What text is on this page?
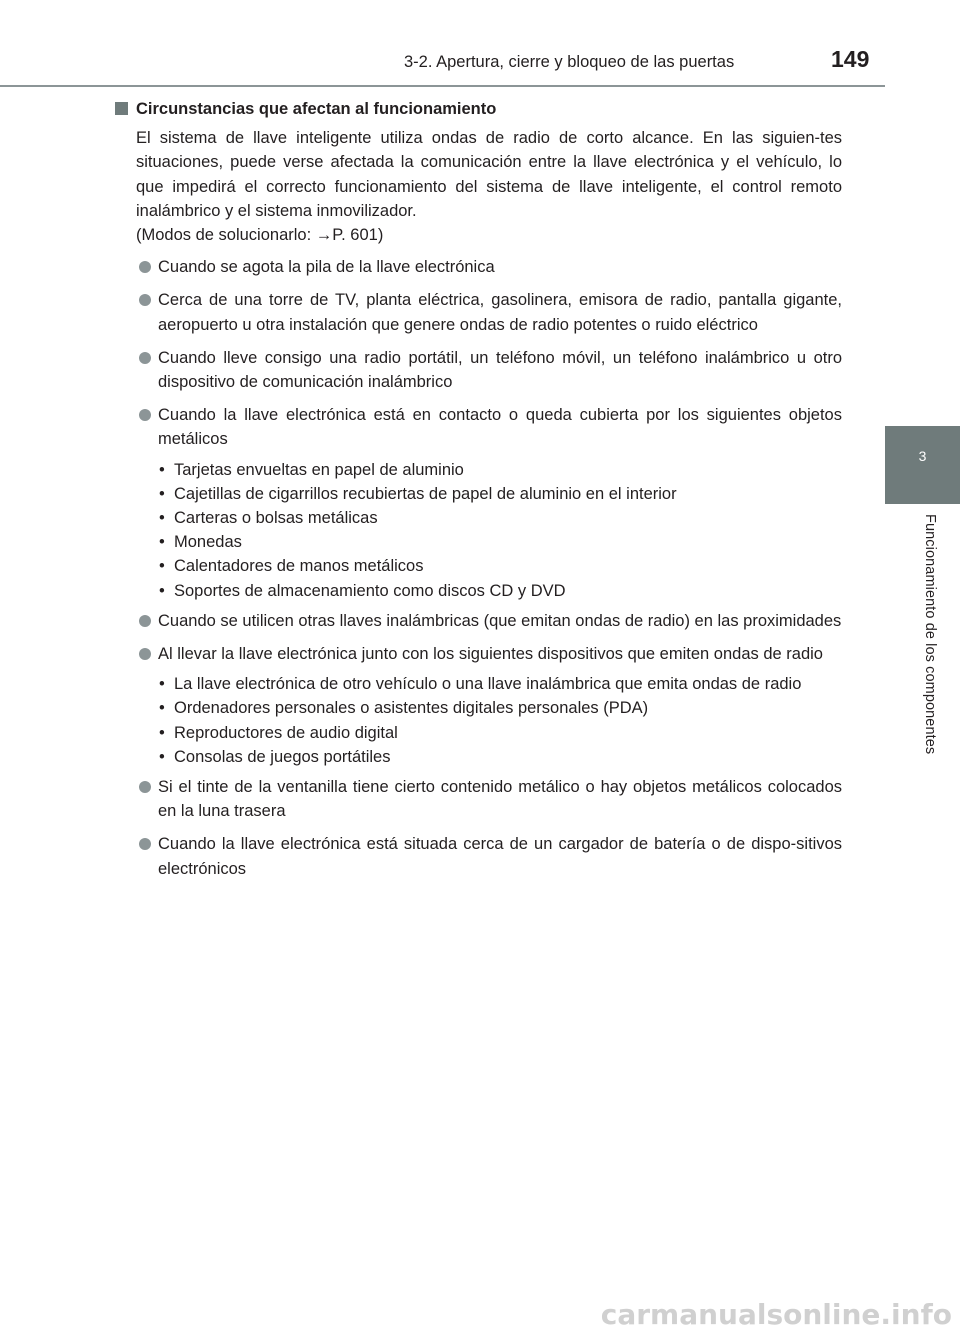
3-2. Apertura, cierre y bloqueo de las puertas	149
3
Funcionamiento de los componentes
Circunstancias que afectan al funcionamiento

El sistema de llave inteligente utiliza ondas de radio de corto alcance. En las siguien-tes situaciones, puede verse afectada la comunicación entre la llave electrónica y el vehículo, lo que impedirá el correcto funcionamiento del sistema de llave inteligente, el control remoto inalámbrico y el sistema inmovilizador.

(Modos de solucionarlo: →P. 601)

Cuando se agota la pila de la llave electrónica
Cerca de una torre de TV, planta eléctrica, gasolinera, emisora de radio, pantalla gigante, aeropuerto u otra instalación que genere ondas de radio potentes o ruido eléctrico
Cuando lleve consigo una radio portátil, un teléfono móvil, un teléfono inalámbrico u otro dispositivo de comunicación inalámbrico
Cuando la llave electrónica está en contacto o queda cubierta por los siguientes objetos metálicos
• Tarjetas envueltas en papel de aluminio
• Cajetillas de cigarrillos recubiertas de papel de aluminio en el interior
• Carteras o bolsas metálicas
• Monedas
• Calentadores de manos metálicos
• Soportes de almacenamiento como discos CD y DVD
Cuando se utilicen otras llaves inalámbricas (que emitan ondas de radio) en las proximidades
Al llevar la llave electrónica junto con los siguientes dispositivos que emiten ondas de radio
• La llave electrónica de otro vehículo o una llave inalámbrica que emita ondas de radio
• Ordenadores personales o asistentes digitales personales (PDA)
• Reproductores de audio digital
• Consolas de juegos portátiles
Si el tinte de la ventanilla tiene cierto contenido metálico o hay objetos metálicos colocados en la luna trasera
Cuando la llave electrónica está situada cerca de un cargador de batería o de dispo-sitivos electrónicos
carmanualsonline.info
